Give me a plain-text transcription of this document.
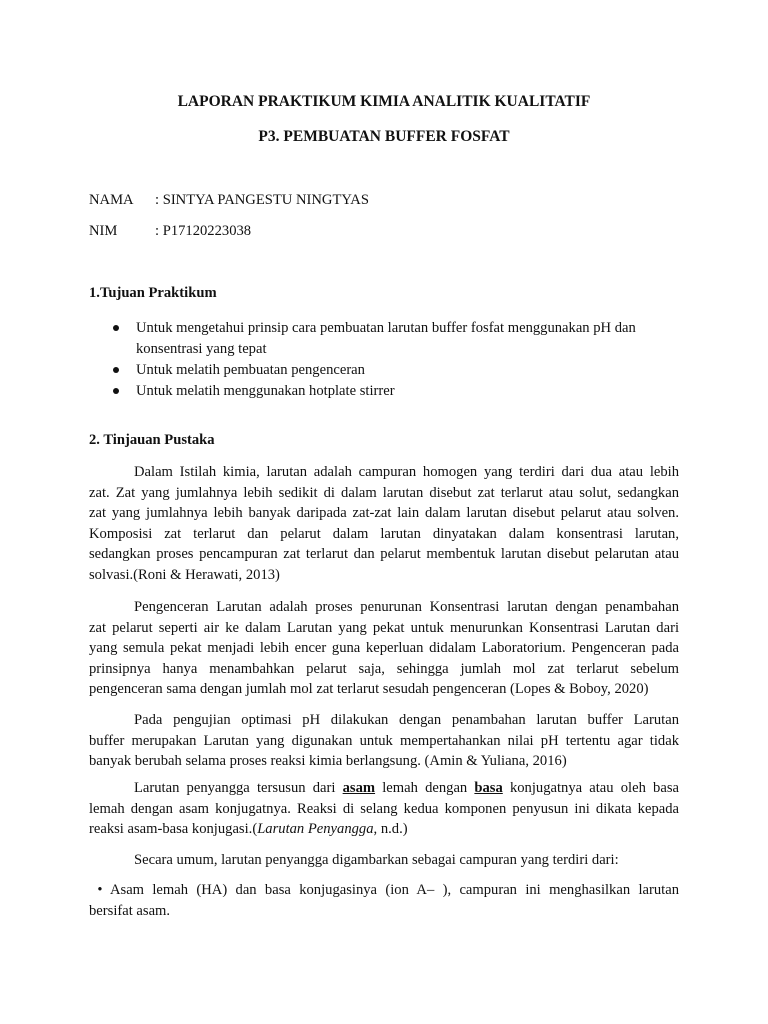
LAPORAN PRAKTIKUM KIMIA ANALITIK KUALITATIF
P3. PEMBUATAN BUFFER FOSFAT
NAMA : SINTYA PANGESTU NINGTYAS
NIM	: P17120223038
1.Tujuan Praktikum
Untuk mengetahui prinsip cara pembuatan larutan buffer fosfat menggunakan pH dan konsentrasi yang tepat
Untuk melatih pembuatan pengenceran
Untuk melatih menggunakan hotplate stirrer
2. Tinjauan Pustaka
Dalam Istilah kimia, larutan adalah campuran homogen yang terdiri dari dua atau lebih
zat. Zat yang jumlahnya lebih sedikit di dalam larutan disebut zat terlarut atau solut, sedangkan
zat yang jumlahnya lebih banyak daripada zat-zat lain dalam larutan disebut pelarut atau solven.
Komposisi zat terlarut dan pelarut dalam larutan dinyatakan dalam konsentrasi larutan,
sedangkan proses pencampuran zat terlarut dan pelarut membentuk larutan disebut pelarutan atau
solvasi.(Roni & Herawati, 2013)
Pengenceran Larutan adalah proses penurunan Konsentrasi larutan dengan penambahan
zat pelarut seperti air ke dalam Larutan yang pekat untuk menurunkan Konsentrasi Larutan dari
yang semula pekat menjadi lebih encer guna keperluan didalam Laboratorium. Pengenceran pada
prinsipnya hanya menambahkan pelarut saja, sehingga jumlah mol zat terlarut sebelum
pengenceran sama dengan jumlah mol zat terlarut sesudah pengenceran (Lopes & Boboy, 2020)
Pada pengujian optimasi pH dilakukan dengan penambahan larutan buffer Larutan
buffer merupakan Larutan yang digunakan untuk mempertahankan nilai pH tertentu agar tidak
banyak berubah selama proses reaksi kimia berlangsung. (Amin & Yuliana, 2016)
Larutan penyangga tersusun dari asam lemah dengan basa konjugatnya atau oleh basa
lemah dengan asam konjugatnya. Reaksi di selang kedua komponen penyusun ini dikata kepada
reaksi asam-basa konjugasi.(Larutan Penyangga, n.d.)
Secara umum, larutan penyangga digambarkan sebagai campuran yang terdiri dari:
• Asam lemah (HA) dan basa konjugasinya (ion A– ), campuran ini menghasilkan larutan
bersifat asam.
